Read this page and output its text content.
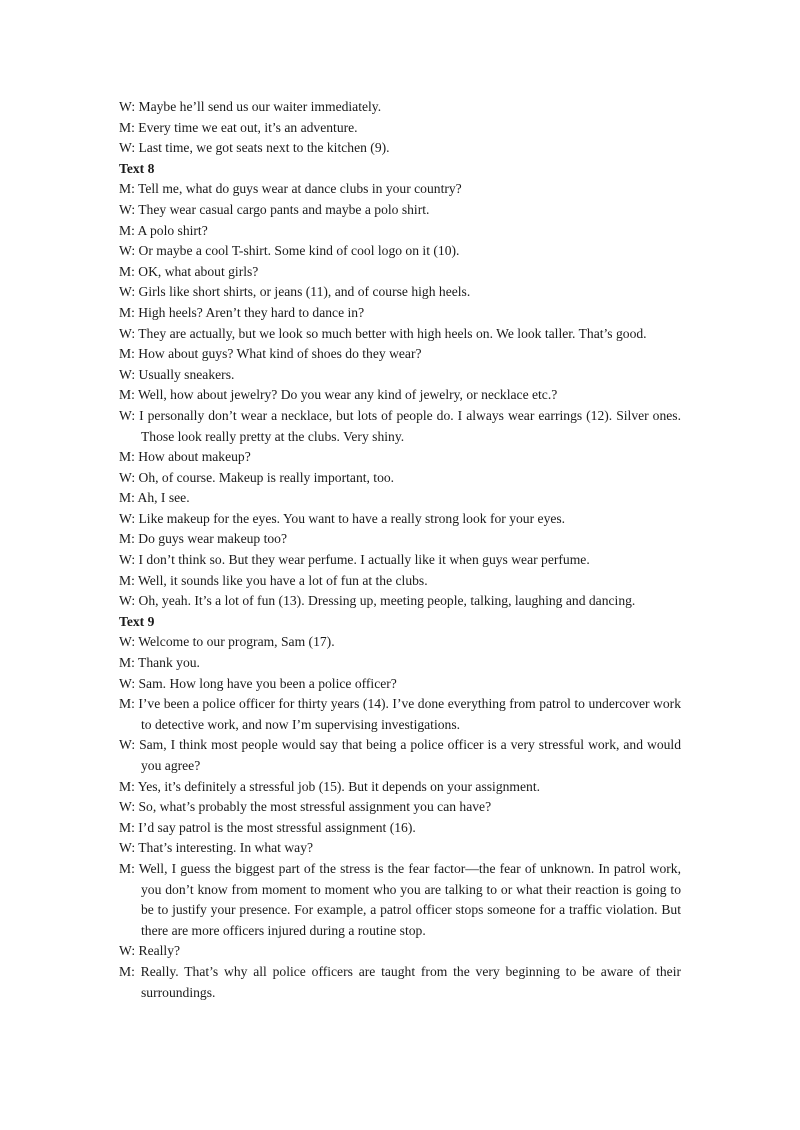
W: Maybe he’ll send us our waiter immediately.
M: Every time we eat out, it’s an adventure.
W: Last time, we got seats next to the kitchen (9).
Text 8
M: Tell me, what do guys wear at dance clubs in your country?
W: They wear casual cargo pants and maybe a polo shirt.
M: A polo shirt?
W: Or maybe a cool T-shirt. Some kind of cool logo on it (10).
M: OK, what about girls?
W: Girls like short shirts, or jeans (11), and of course high heels.
M: High heels? Aren’t they hard to dance in?
W: They are actually, but we look so much better with high heels on. We look taller. That’s good.
M: How about guys? What kind of shoes do they wear?
W: Usually sneakers.
M: Well, how about jewelry? Do you wear any kind of jewelry, or necklace etc.?
W: I personally don’t wear a necklace, but lots of people do. I always wear earrings (12). Silver ones. Those look really pretty at the clubs. Very shiny.
M: How about makeup?
W: Oh, of course. Makeup is really important, too.
M: Ah, I see.
W: Like makeup for the eyes. You want to have a really strong look for your eyes.
M: Do guys wear makeup too?
W: I don’t think so. But they wear perfume. I actually like it when guys wear perfume.
M: Well, it sounds like you have a lot of fun at the clubs.
W: Oh, yeah. It’s a lot of fun (13). Dressing up, meeting people, talking, laughing and dancing.
Text 9
W: Welcome to our program, Sam (17).
M: Thank you.
W: Sam. How long have you been a police officer?
M: I’ve been a police officer for thirty years (14). I’ve done everything from patrol to undercover work to detective work, and now I’m supervising investigations.
W: Sam, I think most people would say that being a police officer is a very stressful work, and would you agree?
M: Yes, it’s definitely a stressful job (15). But it depends on your assignment.
W: So, what’s probably the most stressful assignment you can have?
M: I’d say patrol is the most stressful assignment (16).
W: That’s interesting. In what way?
M: Well, I guess the biggest part of the stress is the fear factor—the fear of unknown. In patrol work, you don’t know from moment to moment who you are talking to or what their reaction is going to be to justify your presence. For example, a patrol officer stops someone for a traffic violation. But there are more officers injured during a routine stop.
W: Really?
M: Really. That’s why all police officers are taught from the very beginning to be aware of their surroundings.
